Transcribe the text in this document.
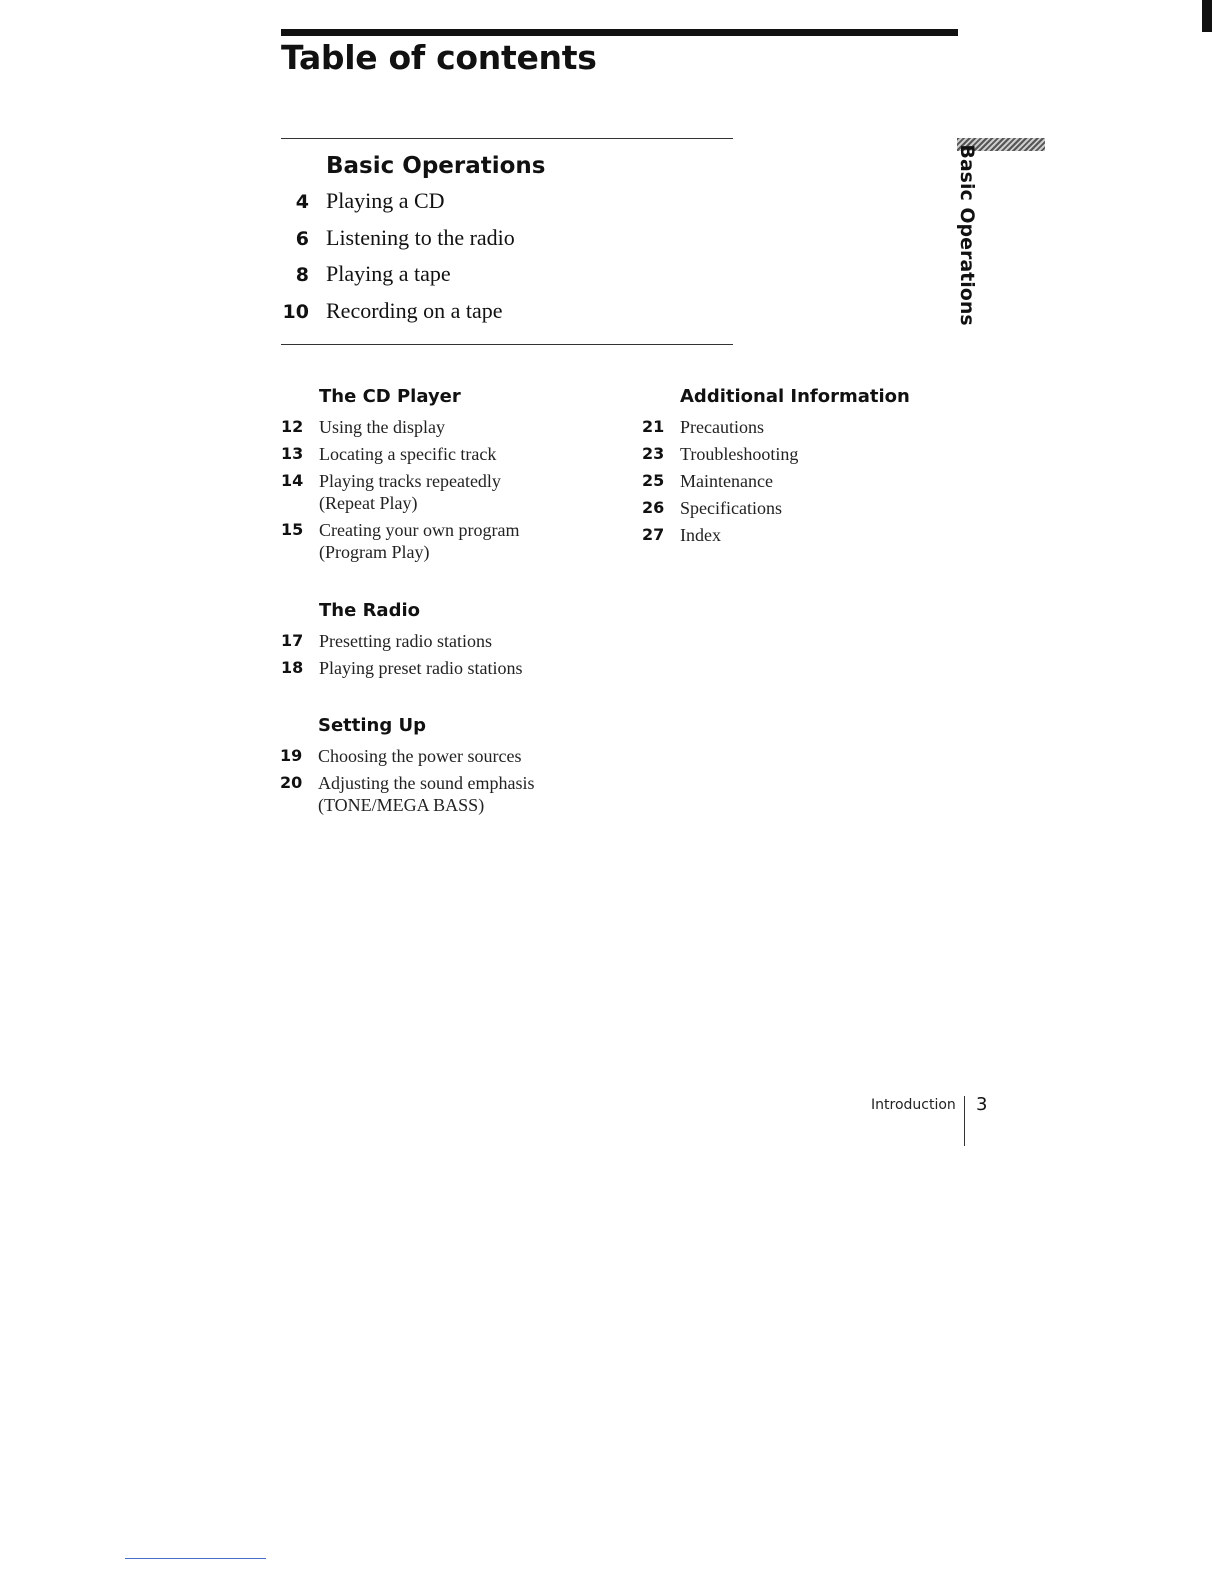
Table of contents
Basic Operations
4 Playing a CD
6 Listening to the radio
8 Playing a tape
10 Recording on a tape	Basic Operations
The CD Player
12 Using the display
13 Locating a specific track
14 Playing tracks repeatedly (Repeat Play)
15 Creating your own program (Program Play)
The Radio
17 Presetting radio stations
18 Playing preset radio stations
Setting Up
19 Choosing the power sources
20 Adjusting the sound emphasis (TONE/MEGA BASS)
Additional Information
21 Precautions
23 Troubleshooting
25 Maintenance
26 Specifications
27 Index
Introduction 3
